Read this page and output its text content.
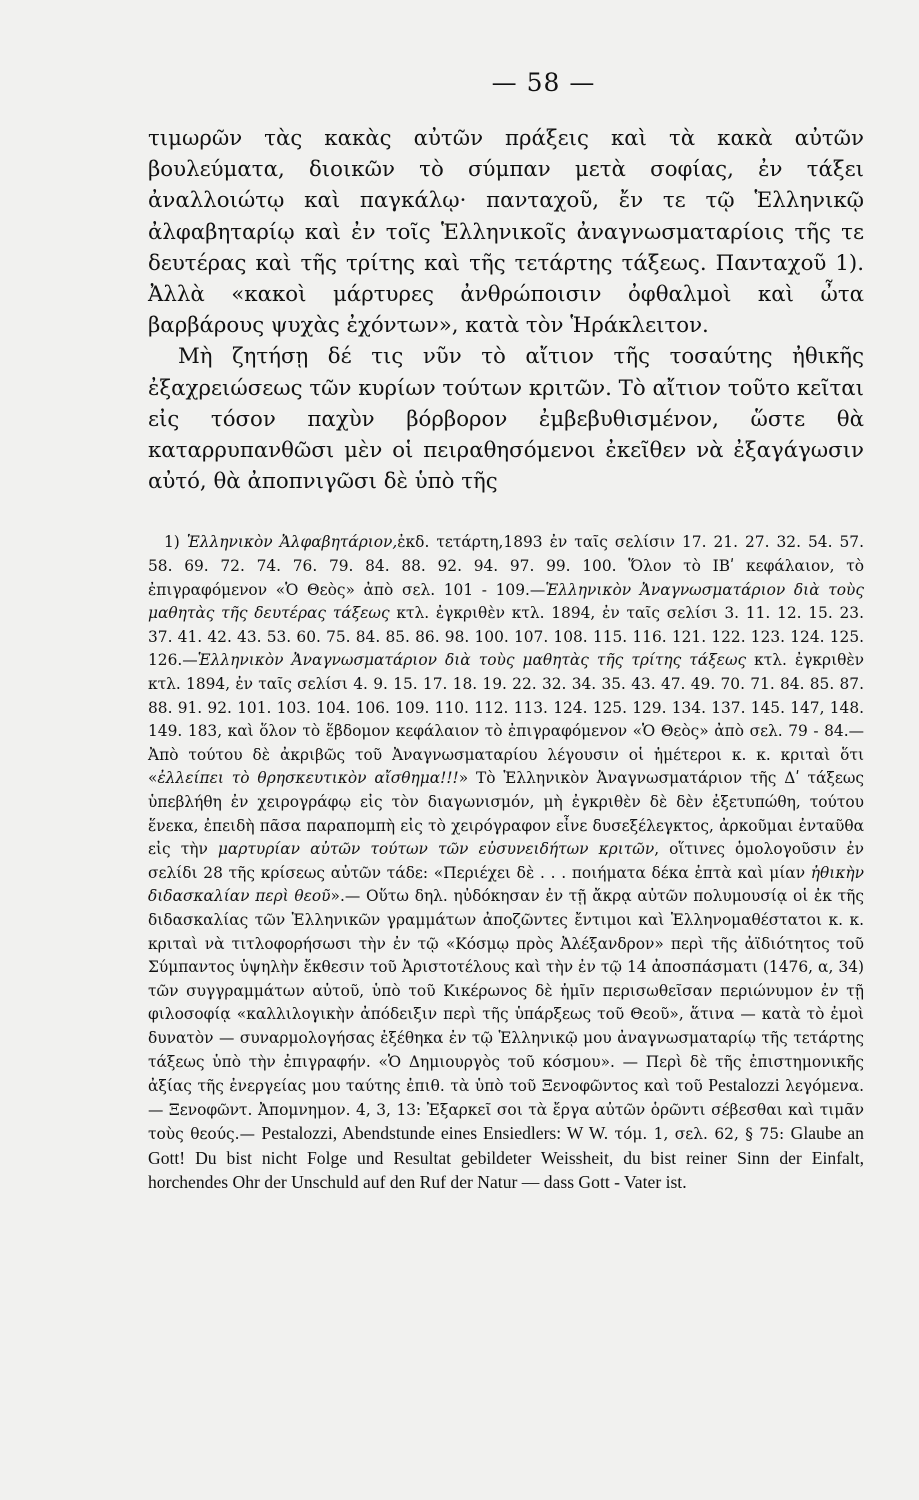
— 58 —

τιμωρῶν τὰς κακὰς αὐτῶν πράξεις καὶ τὰ κακὰ αὐτῶν βουλεύματα, διοικῶν τὸ σύμπαν μετὰ σοφίας, ἐν τάξει ἀναλλοιώτῳ καὶ παγκάλῳ· πανταχοῦ, ἔν τε τῷ Ἑλληνικῷ ἀλφαβηταρίῳ καὶ ἐν τοῖς Ἑλληνικοῖς ἀναγνωσματαρίοις τῆς τε δευτέρας καὶ τῆς τρίτης καὶ τῆς τετάρτης τάξεως. Πανταχοῦ 1). Ἀλλὰ «κακοὶ μάρτυρες ἀνθρώποισιν ὀφθαλμοὶ καὶ ὦτα βαρβάρους ψυχὰς ἐχόντων», κατὰ τὸν Ἡράκλειτον.

Μὴ ζητήσῃ δέ τις νῦν τὸ αἴτιον τῆς τοσαύτης ἠθικῆς ἐξαχρειώσεως τῶν κυρίων τούτων κριτῶν. Τὸ αἴτιον τοῦτο κεῖται εἰς τόσον παχὺν βόρβορον ἐμβεβυθισμένον, ὥστε θὰ καταρρυπανθῶσι μὲν οἱ πειραθησόμενοι ἐκεῖθεν νὰ ἐξαγάγωσιν αὐτό, θὰ ἀποπνιγῶσι δὲ ὑπὸ τῆς

1) Ἑλληνικὸν Ἀλφαβητάριον,ἐκδ. τετάρτη,1893 ἐν ταῖς σελίσιν 17. 21. 27. 32. 54. 57. 58. 69. 72. 74. 76. 79. 84. 88. 92. 94. 97. 99. 100. Ὅλον τὸ ΙΒʹ κεφάλαιον, τὸ ἐπιγραφόμενον «Ὁ Θεὸς» ἀπὸ σελ. 101 - 109.—Ἑλληνικὸν Ἀναγνωσματάριον διὰ τοὺς μαθητὰς τῆς δευτέρας τάξεως κτλ. ἐγκριθὲν κτλ. 1894, ἐν ταῖς σελίσι 3. 11. 12. 15. 23. 37. 41. 42. 43. 53. 60. 75. 84. 85. 86. 98. 100. 107. 108. 115. 116. 121. 122. 123. 124. 125. 126.—Ἑλληνικὸν Ἀναγνωσματάριον διὰ τοὺς μαθητὰς τῆς τρίτης τάξεως κτλ. ἐγκριθὲν κτλ. 1894, ἐν ταῖς σελίσι 4. 9. 15. 17. 18. 19. 22. 32. 34. 35. 43. 47. 49. 70. 71. 84. 85. 87. 88. 91. 92. 101. 103. 104. 106. 109. 110. 112. 113. 124. 125. 129. 134. 137. 145. 147, 148. 149. 183, καὶ ὅλον τὸ ἕβδομον κεφάλαιον τὸ ἐπιγραφόμενον «Ὁ Θεὸς» ἀπὸ σελ. 79 - 84.— Ἀπὸ τούτου δὲ ἀκριβῶς τοῦ Ἀναγνωσματαρίου λέγουσιν οἱ ἡμέτεροι κ. κ. κριταὶ ὅτι «ἐλλείπει τὸ θρησκευτικὸν αἴσθημα!!!» Τὸ Ἑλληνικὸν Ἀναγνωσματάριον τῆς Δʹ τάξεως ὑπεβλήθη ἐν χειρογράφῳ εἰς τὸν διαγωνισμόν, μὴ ἐγκριθὲν δὲ δὲν ἐξετυπώθη, τούτου ἕνεκα, ἐπειδὴ πᾶσα παραπομπὴ εἰς τὸ χειρόγραφον εἶνε δυσεξέλεγκτος, ἀρκοῦμαι ἐνταῦθα εἰς τὴν μαρτυρίαν αὐτῶν τούτων τῶν εὐσυνειδήτων κριτῶν, οἵτινες ὁμολογοῦσιν ἐν σελίδι 28 τῆς κρίσεως αὐτῶν τάδε: «Περιέχει δὲ . . . ποιήματα δέκα ἑπτὰ καὶ μίαν ἠθικὴν διδασκαλίαν περὶ θεοῦ».— Οὕτω δηλ. ηὐδόκησαν ἐν τῇ ἄκρᾳ αὐτῶν πολυμουσίᾳ οἱ ἐκ τῆς διδασκαλίας τῶν Ἑλληνικῶν γραμμάτων ἀποζῶντες ἔντιμοι καὶ Ἑλληνομαθέστατοι κ. κ. κριταὶ νὰ τιτλοφορήσωσι τὴν ἐν τῷ «Κόσμῳ πρὸς Ἀλέξανδρον» περὶ τῆς ἀϊδιότητος τοῦ Σύμπαντος ὑψηλὴν ἔκθεσιν τοῦ Ἀριστοτέλους καὶ τὴν ἐν τῷ 14 ἀποσπάσματι (1476, α, 34) τῶν συγγραμμάτων αὐτοῦ, ὑπὸ τοῦ Κικέρωνος δὲ ἡμῖν περισωθεῖσαν περιώνυμον ἐν τῇ φιλοσοφίᾳ «καλλιλογικὴν ἀπόδειξιν περὶ τῆς ὑπάρξεως τοῦ Θεοῦ», ἅτινα — κατὰ τὸ ἐμοὶ δυνατὸν — συναρμολογήσας ἐξέθηκα ἐν τῷ Ἑλληνικῷ μου ἀναγνωσματαρίῳ τῆς τετάρτης τάξεως ὑπὸ τὴν ἐπιγραφήν. «Ὁ Δημιουργὸς τοῦ κόσμου». — Περὶ δὲ τῆς ἐπιστημονικῆς ἀξίας τῆς ἐνεργείας μου ταύτης ἐπιθ. τὰ ὑπὸ τοῦ Ξενοφῶντος καὶ τοῦ Pestalozzi λεγόμενα.— Ξενοφῶντ. Ἀπομνημον. 4, 3, 13: Ἐξαρκεῖ σοι τὰ ἔργα αὐτῶν ὁρῶντι σέβεσθαι καὶ τιμᾶν τοὺς θεούς.— Pestalozzi, Abendstunde eines Ensiedlers: W W. τόμ. 1, σελ. 62, § 75: Glaube an Gott! Du bist nicht Folge und Resultat gebildeter Weissheit, du bist reiner Sinn der Einfalt, horchendes Ohr der Unschuld auf den Ruf der Natur — dass Gott - Vater ist.
